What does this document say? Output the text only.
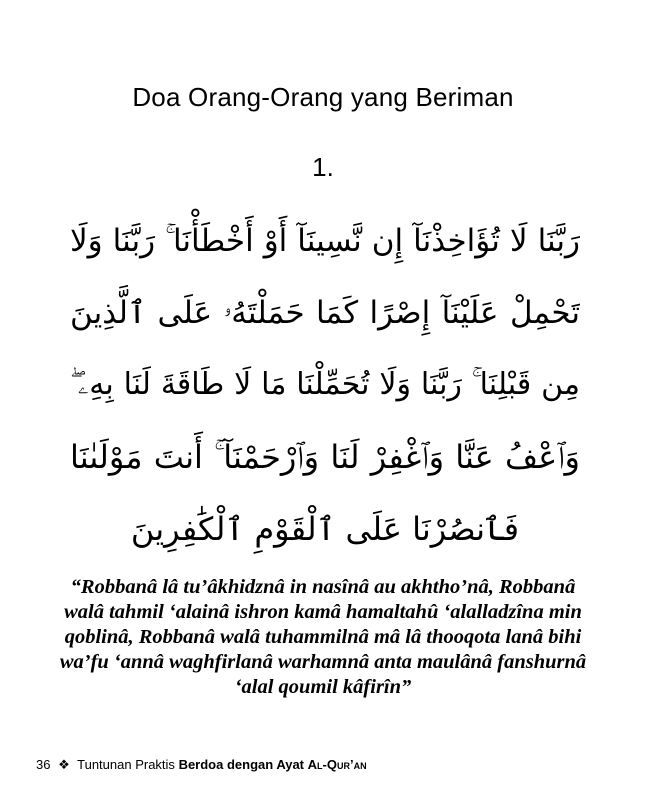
Doa Orang-Orang yang Beriman
1.
رَبَّنَا لَا تُؤَاخِذْنَآ إِن نَّسِينَآ أَوْ أَخْطَأْنَا ۚ رَبَّنَا وَلَا
تَحْمِلْ عَلَيْنَآ إِصْرًا كَمَا حَمَلْتَهُۥ عَلَى ٱلَّذِينَ
مِن قَبْلِنَا ۚ رَبَّنَا وَلَا تُحَمِّلْنَا مَا لَا طَاقَةَ لَنَا بِهِۦ ۖ
وَٱعْفُ عَنَّا وَٱغْفِرْ لَنَا وَٱرْحَمْنَآ ۚ أَنتَ مَوْلَىٰنَا
فَٱنصُرْنَا عَلَى ٱلْقَوْمِ ٱلْكَٰفِرِينَ
“Robbanâ lâ tu’âkhidznâ in nasînâ au akhtho’nâ, Robbanâ
walâ tahmil ‘alainâ ishron kamâ hamaltahû ‘alalladzîna min
qoblinâ, Robbanâ walâ tuhammilnâ mâ lâ thooqota lanâ bihi
wa’fu ‘annâ waghfirlanâ warhamnâ anta maulânâ fanshurnâ
‘alal qoumil kâfirîn”
36 ❖ Tuntunan Praktis Berdoa dengan Ayat Al-Qur’an
